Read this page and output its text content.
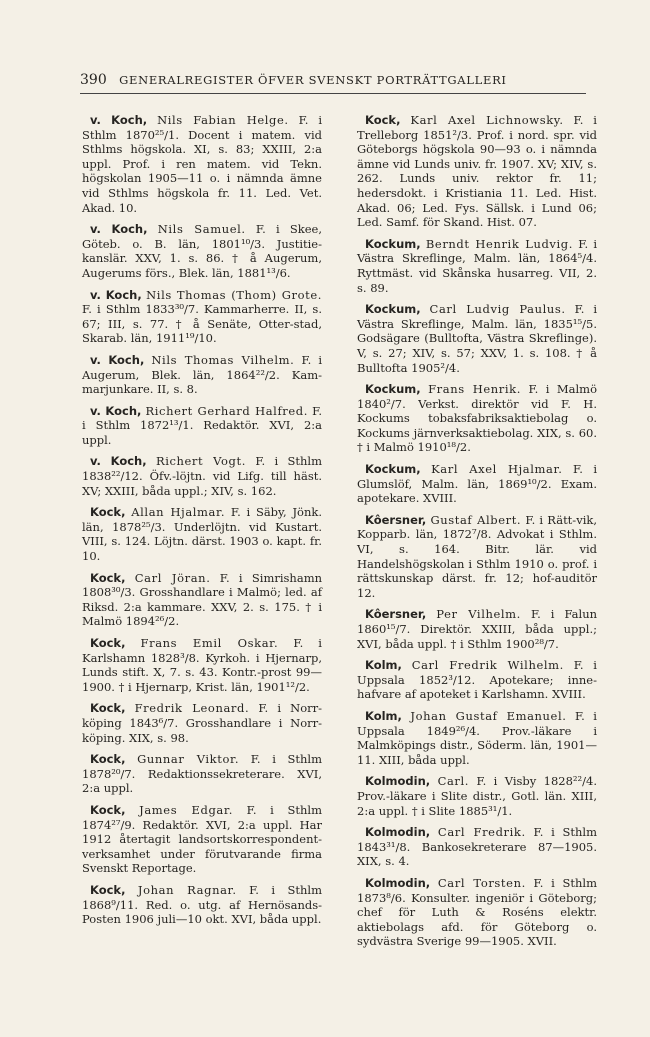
390 GENERALREGISTER ÖFVER SVENSKT PORTRÄTTGALLERI

v. Koch, Nils Fabian Helge. F. i Sthlm 1870²⁵/1. Docent i matem. vid Sthlms högskola. XI, s. 83; XXIII, 2:a uppl. Prof. i ren matem. vid Tekn. högskolan 1905—11 o. i nämnda ämne vid Sthlms högskola fr. 11. Led. Vet. Akad. 10.

v. Koch, Nils Samuel. F. i Skee, Göteb. o. B. län, 1801¹⁰/3. Justitie-kanslär. XXV, 1. s. 86. † å Augerum, Augerums förs., Blek. län, 1881¹³/6.

v. Koch, Nils Thomas (Thom) Grote. F. i Sthlm 1833³⁰/7. Kammarherre. II, s. 67; III, s. 77. † å Senäte, Otter-stad, Skarab. län, 1911¹⁹/10.

v. Koch, Nils Thomas Vilhelm. F. i Augerum, Blek. län, 1864²²/2. Kam-marjunkare. II, s. 8.

v. Koch, Richert Gerhard Halfred. F. i Sthlm 1872¹³/1. Redaktör. XVI, 2:a uppl.

v. Koch, Richert Vogt. F. i Sthlm 1838²²/12. Öfv.-löjtn. vid Lifg. till häst. XV; XXIII, båda uppl.; XIV, s. 162.

Kock, Allan Hjalmar. F. i Säby, Jönk. län, 1878²⁵/3. Underlöjtn. vid Kustart. VIII, s. 124. Löjtn. därst. 1903 o. kapt. fr. 10.

Kock, Carl Jöran. F. i Simrishamn 1808³⁰/3. Grosshandlare i Malmö; led. af Riksd. 2:a kammare. XXV, 2. s. 175. † i Malmö 1894²⁶/2.

Kock, Frans Emil Oskar. F. i Karlshamn 1828³/8. Kyrkoh. i Hjernarp, Lunds stift. X, 7. s. 43. Kontr.-prost 99—1900. † i Hjernarp, Krist. län, 1901¹²/2.

Kock, Fredrik Leonard. F. i Norr-köping 1843⁶/7. Grosshandlare i Norr-köping. XIX, s. 98.

Kock, Gunnar Viktor. F. i Sthlm 1878²⁰/7. Redaktionssekreterare. XVI, 2:a uppl.

Kock, James Edgar. F. i Sthlm 1874²⁷/9. Redaktör. XVI, 2:a uppl. Har 1912 återtagit landsortskorrespondent-verksamhet under förutvarande firma Svenskt Reportage.

Kock, Johan Ragnar. F. i Sthlm 1868⁹/11. Red. o. utg. af Hernösands-Posten 1906 juli—10 okt. XVI, båda uppl.

Kock, Karl Axel Lichnowsky. F. i Trelleborg 1851²/3. Prof. i nord. spr. vid Göteborgs högskola 90—93 o. i nämnda ämne vid Lunds univ. fr. 1907. XV; XIV, s. 262. Lunds univ. rektor fr. 11; hedersdokt. i Kristiania 11. Led. Hist. Akad. 06; Led. Fys. Sällsk. i Lund 06; Led. Samf. för Skand. Hist. 07.

Kockum, Berndt Henrik Ludvig. F. i Västra Skreflinge, Malm. län, 1864⁵/4. Ryttmäst. vid Skånska husarreg. VII, 2. s. 89.

Kockum, Carl Ludvig Paulus. F. i Västra Skreflinge, Malm. län, 1835¹⁵/5. Godsägare (Bulltofta, Västra Skreflinge). V, s. 27; XIV, s. 57; XXV, 1. s. 108. † å Bulltofta 1905²/4.

Kockum, Frans Henrik. F. i Malmö 1840²/7. Verkst. direktör vid F. H. Kockums tobaksfabriksaktiebolag o. Kockums järnverksaktiebolag. XIX, s. 60. † i Malmö 1910¹⁸/2.

Kockum, Karl Axel Hjalmar. F. i Glumslöf, Malm. län, 1869¹⁰/2. Exam. apotekare. XVIII.

Kôersner, Gustaf Albert. F. i Rätt-vik, Kopparb. län, 1872⁷/8. Advokat i Sthlm. VI, s. 164. Bitr. lär. vid Handelshögskolan i Sthlm 1910 o. prof. i rättskunskap därst. fr. 12; hof-auditör 12.

Kôersner, Per Vilhelm. F. i Falun 1860¹⁵/7. Direktör. XXIII, båda uppl.; XVI, båda uppl. † i Sthlm 1900²⁸/7.

Kolm, Carl Fredrik Wilhelm. F. i Uppsala 1852³/12. Apotekare; inne-hafvare af apoteket i Karlshamn. XVIII.

Kolm, Johan Gustaf Emanuel. F. i Uppsala 1849²⁶/4. Prov.-läkare i Malmköpings distr., Söderm. län, 1901—11. XIII, båda uppl.

Kolmodin, Carl. F. i Visby 1828²²/4. Prov.-läkare i Slite distr., Gotl. län. XIII, 2:a uppl. † i Slite 1885³¹/1.

Kolmodin, Carl Fredrik. F. i Sthlm 1843³¹/8. Bankosekreterare 87—1905. XIX, s. 4.

Kolmodin, Carl Torsten. F. i Sthlm 1873⁸/6. Konsulter. ingeniör i Göteborg; chef för Luth & Roséns elektr. aktiebolags afd. för Göteborg o. sydvästra Sverige 99—1905. XVII.
